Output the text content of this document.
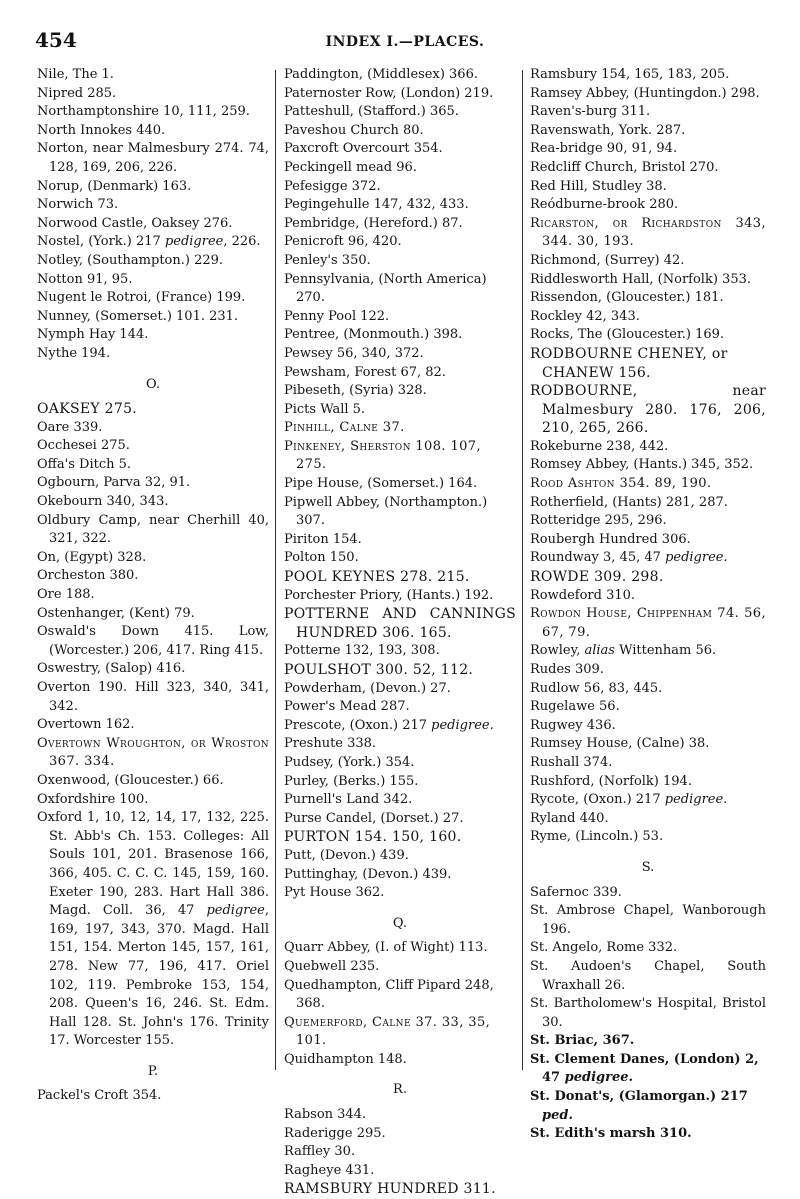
454	INDEX I.—PLACES.
Nile, The 1.
Nipred 285.
Northamptonshire 10, 111, 259.
North Innokes 440.
Norton, near Malmesbury 274. 74, 128, 169, 206, 226.
Norup, (Denmark) 163.
Norwich 73.
Norwood Castle, Oaksey 276.
Nostel, (York.) 217 pedigree, 226.
Notley, (Southampton.) 229.
Notton 91, 95.
Nugent le Rotroi, (France) 199.
Nunney, (Somerset.) 101. 231.
Nymph Hay 144.
Nythe 194.
O.
OAKSEY 275.
Oare 339.
Occhesei 275.
Offa's Ditch 5.
Ogbourn, Parva 32, 91.
Okebourn 340, 343.
Oldbury Camp, near Cherhill 40, 321, 322.
On, (Egypt) 328.
Orcheston 380.
Ore 188.
Ostenhanger, (Kent) 79.
Oswald's Down 415. Low, (Worcester.) 206, 417. Ring 415.
Oswestry, (Salop) 416.
Overton 190. Hill 323, 340, 341, 342.
Overtown 162.
Overtown Wroughton, or Wroston 367. 334.
Oxenwood, (Gloucester.) 66.
Oxfordshire 100.
Oxford 1, 10, 12, 14, 17, 132, 225. St. Abb's Ch. 153. Colleges: All Souls 101, 201. Brasenose 166, 366, 405. C. C. C. 145, 159, 160. Exeter 190, 283. Hart Hall 386. Magd. Coll. 36, 47 pedigree, 169, 197, 343, 370. Magd. Hall 151, 154. Merton 145, 157, 161, 278. New 77, 196, 417. Oriel 102, 119. Pembroke 153, 154, 208. Queen's 16, 246. St. Edm. Hall 128. St. John's 176. Trinity 17. Worcester 155.
P.
Packel's Croft 354.
Paddington, (Middlesex) 366.
Paternoster Row, (London) 219.
Patteshull, (Stafford.) 365.
Paveshou Church 80.
Paxcroft Overcourt 354.
Peckingell mead 96.
Pefesigge 372.
Pegingehulle 147, 432, 433.
Pembridge, (Hereford.) 87.
Penicroft 96, 420.
Penley's 350.
Pennsylvania, (North America) 270.
Penny Pool 122.
Pentree, (Monmouth.) 398.
Pewsey 56, 340, 372.
Pewsham, Forest 67, 82.
Pibeseth, (Syria) 328.
Picts Wall 5.
Pinhill, Calne 37.
Pinkeney, Sherston 108. 107, 275.
Pipe House, (Somerset.) 164.
Pipwell Abbey, (Northampton.) 307.
Piriton 154.
Polton 150.
POOL KEYNES 278. 215.
Porchester Priory, (Hants.) 192.
POTTERNE AND CANNINGS HUNDRED 306. 165.
Potterne 132, 193, 308.
POULSHOT 300. 52, 112.
Powderham, (Devon.) 27.
Power's Mead 287.
Prescote, (Oxon.) 217 pedigree.
Preshute 338.
Pudsey, (York.) 354.
Purley, (Berks.) 155.
Purnell's Land 342.
Purse Candel, (Dorset.) 27.
PURTON 154. 150, 160.
Putt, (Devon.) 439.
Puttinghay, (Devon.) 439.
Pyt House 362.
Q.
Quarr Abbey, (I. of Wight) 113.
Quebwell 235.
Quedhampton, Cliff Pipard 248, 368.
Quemerford, Calne 37. 33, 35, 101.
Quidhampton 148.
R.
Rabson 344.
Raderigge 295.
Raffley 30.
Ragheye 431.
RAMSBURY HUNDRED 311.
Ramsbury 154, 165, 183, 205.
Ramsey Abbey, (Huntingdon.) 298.
Raven's-burg 311.
Ravenswath, York. 287.
Rea-bridge 90, 91, 94.
Redcliff Church, Bristol 270.
Red Hill, Studley 38.
Reódburne-brook 280.
Ricarston, or Richardston 343, 344. 30, 193.
Richmond, (Surrey) 42.
Riddlesworth Hall, (Norfolk) 353.
Rissendon, (Gloucester.) 181.
Rockley 42, 343.
Rocks, The (Gloucester.) 169.
RODBOURNE CHENEY, or CHANEW 156.
RODBOURNE, near Malmesbury 280. 176, 206, 210, 265, 266.
Rokeburne 238, 442.
Romsey Abbey, (Hants.) 345, 352.
Rood Ashton 354. 89, 190.
Rotherfield, (Hants) 281, 287.
Rotteridge 295, 296.
Roubergh Hundred 306.
Roundway 3, 45, 47 pedigree.
ROWDE 309. 298.
Rowdeford 310.
Rowdon House, Chippenham 74. 56, 67, 79.
Rowley, alias Wittenham 56.
Rudes 309.
Rudlow 56, 83, 445.
Rugelawe 56.
Rugwey 436.
Rumsey House, (Calne) 38.
Rushall 374.
Rushford, (Norfolk) 194.
Rycote, (Oxon.) 217 pedigree.
Ryland 440.
Ryme, (Lincoln.) 53.
S.
Safernoc 339.
St. Ambrose Chapel, Wanborough 196.
St. Angelo, Rome 332.
St. Audoen's Chapel, South Wraxhall 26.
St. Bartholomew's Hospital, Bristol 30.
St. Briac, 367.
St. Clement Danes, (London) 2, 47 pedigree.
St. Donat's, (Glamorgan.) 217 ped.
St. Edith's marsh 310.
